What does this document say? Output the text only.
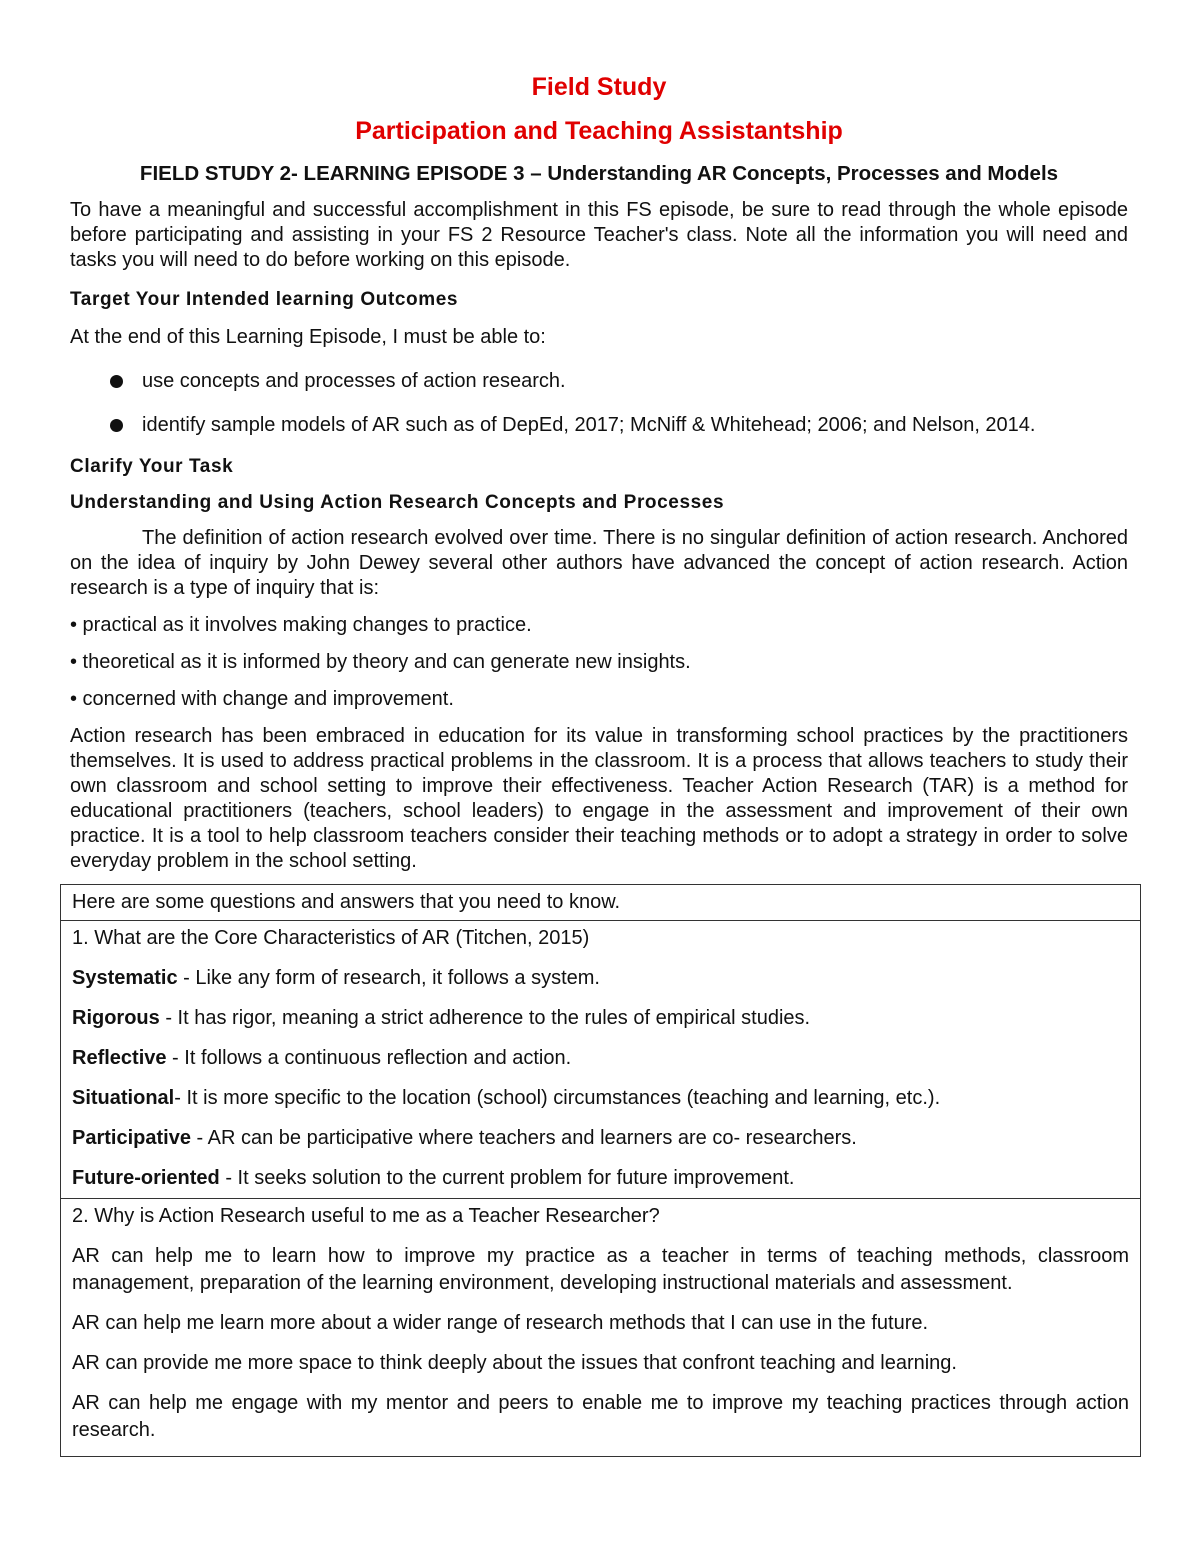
Field Study

Participation and Teaching Assistantship

FIELD STUDY 2- LEARNING EPISODE 3 – Understanding AR Concepts, Processes and Models

To have a meaningful and successful accomplishment in this FS episode, be sure to read through the whole episode before participating and assisting in your FS 2 Resource Teacher's class. Note all the information you will need and tasks you will need to do before working on this episode.

Target Your Intended learning Outcomes

At the end of this Learning Episode, I must be able to:

use concepts and processes of action research.
identify sample models of AR such as of DepEd, 2017; McNiff & Whitehead; 2006; and Nelson, 2014.

Clarify Your Task

Understanding and Using Action Research Concepts and Processes

The definition of action research evolved over time. There is no singular definition of action research. Anchored on the idea of inquiry by John Dewey several other authors have advanced the concept of action research. Action research is a type of inquiry that is:

• practical as it involves making changes to practice.

• theoretical as it is informed by theory and can generate new insights.

• concerned with change and improvement.

Action research has been embraced in education for its value in transforming school practices by the practitioners themselves. It is used to address practical problems in the classroom. It is a process that allows teachers to study their own classroom and school setting to improve their effectiveness. Teacher Action Research (TAR) is a method for educational practitioners (teachers, school leaders) to engage in the assessment and improvement of their own practice. It is a tool to help classroom teachers consider their teaching methods or to adopt a strategy in order to solve everyday problem in the school setting.

Here are some questions and answers that you need to know.

1. What are the Core Characteristics of AR (Titchen, 2015)

Systematic - Like any form of research, it follows a system.

Rigorous - It has rigor, meaning a strict adherence to the rules of empirical studies.

Reflective - It follows a continuous reflection and action.

Situational- It is more specific to the location (school) circumstances (teaching and learning, etc.).

Participative - AR can be participative where teachers and learners are co- researchers.

Future-oriented - It seeks solution to the current problem for future improvement.

2. Why is Action Research useful to me as a Teacher Researcher?

AR can help me to learn how to improve my practice as a teacher in terms of teaching methods, classroom management, preparation of the learning environment, developing instructional materials and assessment.

AR can help me learn more about a wider range of research methods that I can use in the future.

AR can provide me more space to think deeply about the issues that confront teaching and learning.

AR can help me engage with my mentor and peers to enable me to improve my teaching practices through action research.
